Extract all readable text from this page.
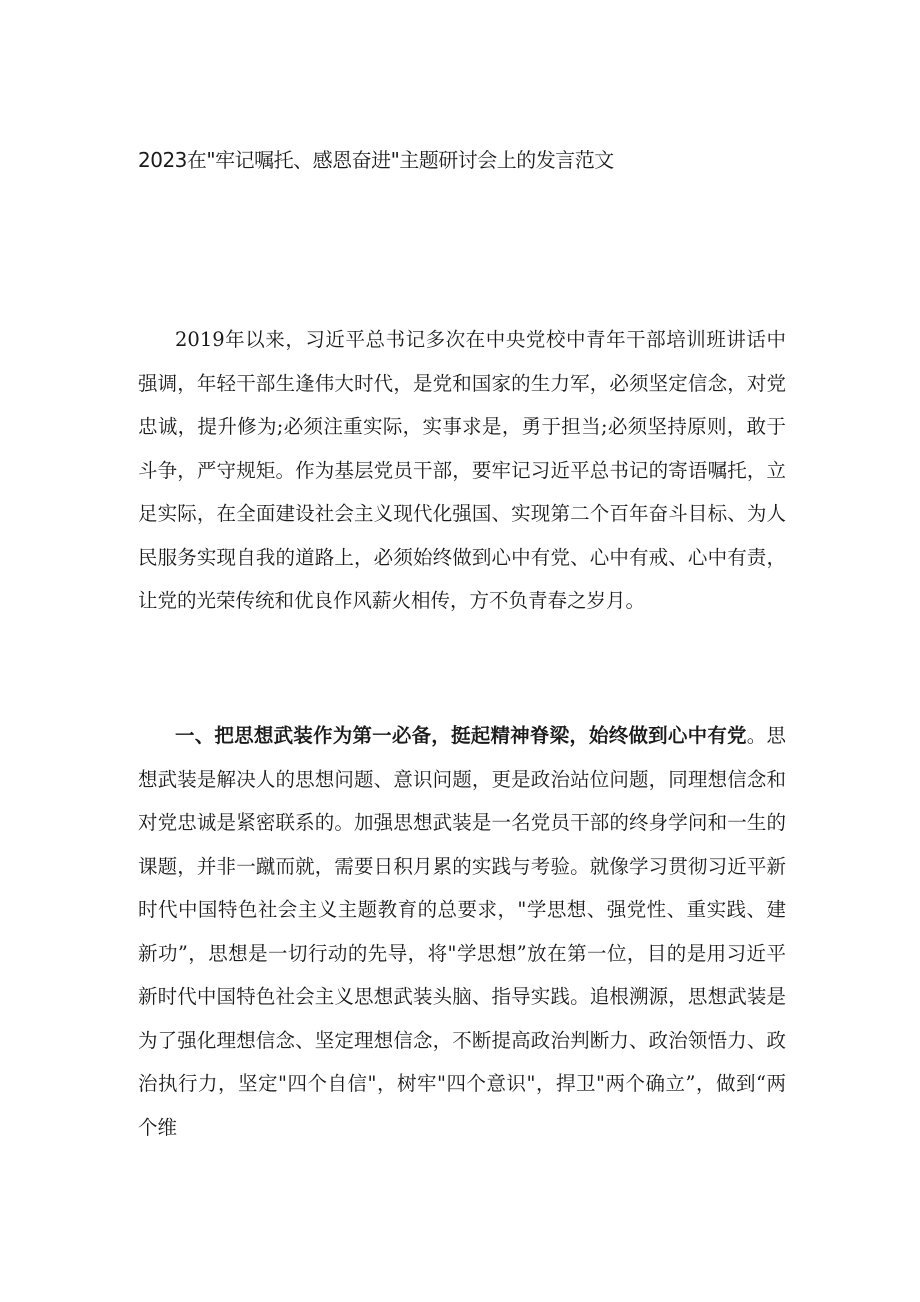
2023在"牢记嘱托、感恩奋进"主题研讨会上的发言范文

2019年以来，习近平总书记多次在中央党校中青年干部培训班讲话中强调，年轻干部生逢伟大时代，是党和国家的生力军，必须坚定信念，对党忠诚，提升修为;必须注重实际，实事求是，勇于担当;必须坚持原则，敢于斗争，严守规矩。作为基层党员干部，要牢记习近平总书记的寄语嘱托，立足实际，在全面建设社会主义现代化强国、实现第二个百年奋斗目标、为人民服务实现自我的道路上，必须始终做到心中有党、心中有戒、心中有责，让党的光荣传统和优良作风薪火相传，方不负青春之岁月。

一、把思想武装作为第一必备，挺起精神脊梁，始终做到心中有党。思想武装是解决人的思想问题、意识问题，更是政治站位问题，同理想信念和对党忠诚是紧密联系的。加强思想武装是一名党员干部的终身学问和一生的课题，并非一蹴而就，需要日积月累的实践与考验。就像学习贯彻习近平新时代中国特色社会主义主题教育的总要求，"学思想、强党性、重实践、建新功”，思想是一切行动的先导，将"学思想”放在第一位，目的是用习近平新时代中国特色社会主义思想武装头脑、指导实践。追根溯源，思想武装是为了强化理想信念、坚定理想信念，不断提高政治判断力、政治领悟力、政治执行力，坚定"四个自信"，树牢"四个意识"，捍卫"两个确立”，做到“两个维
